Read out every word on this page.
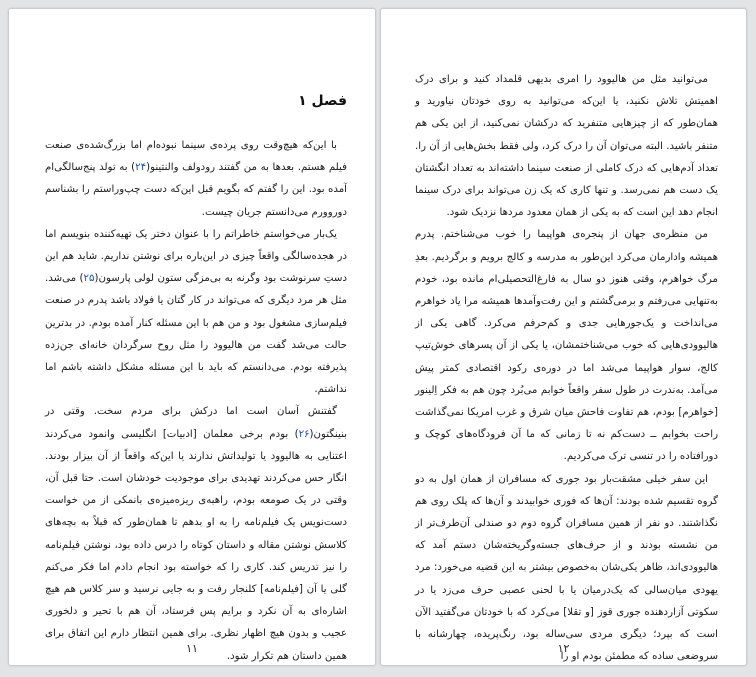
فصل ۱

با این‌که هیچ‌وقت روی پرده‌ی سینما نبوده‌ام اما بزرگ‌شده‌ی صنعت فیلم هستم. بعدها به من گفتند رودولف والنتینو(۲۴) به تولد پنج‌سالگی‌ام آمده بود. این را گفتم که بگویم قبل این‌که دست چپ‌وراستم را بشناسم دوروورم می‌دانستم جریان چیست.

یک‌بار می‌خواستم خاطراتم را با عنوان دختر یک تهیه‌کننده بنویسم اما در هجده‌سالگی واقعاً چیزی در این‌باره برای نوشتن نداریم. شاید هم این دستِ سرنوشت بود وگرنه به بی‌مزگی ستون لولی پارسون(۲۵) می‌شد. مثل هر مرد دیگری که می‌تواند در کار گتان یا فولاد باشد پدرم در صنعت فیلم‌سازی مشغول بود و من هم با این مسئله کنار آمده بودم. در بدترین حالت می‌شد گفت من هالیوود را مثل روح سرگردان خانه‌ای جن‌زده پذیرفته بودم. می‌دانستم که باید با این مسئله مشکل داشته باشم اما نداشتم.

گفتنش آسان است اما درکش برای مردم سخت. وقتی در بنینگتون(۲۶) بودم برخی معلمان [ادبیات] انگلیسی وانمود می‌کردند اعتنایی به هالیوود یا تولیداتش ندارند یا این‌که واقعاً از آن بیزار بودند. انگار حس می‌کردند تهدیدی برای موجودیت خودشان است. حتا قبل آن، وقتی در یک صومعه بودم، راهبه‌ی ریزه‌میزه‌ی بانمکی از من خواست دست‌نویس یک فیلم‌نامه را به او بدهم تا همان‌طور که قبلاً به بچه‌های کلاسش نوشتن مقاله و داستان کوتاه را درس داده بود، نوشتن فیلم‌نامه را نیز تدریس کند. کاری را که خواسته بود انجام دادم اما فکر می‌کنم گلی یا آن [فیلم‌نامه] کلنجار رفت و به جایی نرسید و سر کلاس هم هیچ اشاره‌ای به آن نکرد و برایم پس فرستاد، آن هم با تحیر و دلخوری عجیب و بدون هیچ اظهار نظری. برای همین انتظار دارم این اتفاق برای همین داستان هم تکرار شود.

۱۱

می‌توانید مثل من هالیوود را امری بدیهی قلمداد کنید و برای درک اهمیتش تلاش نکنید، یا این‌که می‌توانید به روی خودتان نیاورید و همان‌طور که از چیزهایی متنفرید که درکشان نمی‌کنید، از این یکی هم متنفر باشید. البته می‌توان آن را درک کرد، ولی فقط بخش‌هایی از آن را. تعداد آدم‌هایی که درک کاملی از صنعت سینما داشته‌اند به تعداد انگشتان یک دست هم نمی‌رسد. و تنها کاری که یک زن می‌تواند برای درک سینما انجام دهد این است که به یکی از همان معدود مردها نزدیک شود.

من منظره‌ی جهان از پنجره‌ی هواپیما را خوب می‌شناختم. پدرم همیشه وادارمان می‌کرد این‌طور به مدرسه و کالج برویم و برگردیم. بعدِ مرگ خواهرم، وقتی هنوز دو سال به فارغ‌التحصیلی‌ام مانده بود، خودم به‌تنهایی می‌رفتم و برمی‌گشتم و این رفت‌وآمدها همیشه مرا یاد خواهرم می‌انداخت و یک‌جورهایی جدی و کم‌حرفم می‌کرد. گاهی یکی از هالیوودی‌هایی که خوب می‌شناختمشان، یا یکی از آن پسرهای خوش‌تیپ کالج، سوار هواپیما می‌شد اما در دوره‌ی رکود اقتصادی کمتر پیش می‌آمد. به‌ندرت در طول سفر واقعاً خوابم می‌بُرد چون هم به فکر اِلینور [خواهرم] بودم، هم تفاوت فاحش میان شرق و غرب امریکا نمی‌گذاشت راحت بخوابم ــ دست‌کم نه تا زمانی که ما آن فرودگاه‌های کوچک و دورافتاده را در تنسی ترک می‌کردیم.

این سفر خیلی مشقت‌بار بود جوری که مسافران از همان اول به دو گروه تقسیم شده بودند: آن‌ها که فوری خوابیدند و آن‌ها که پلک روی هم نگذاشتند. دو نفر از همین مسافران گروه دوم دو صندلی آن‌طرف‌تر از من نشسته بودند و از حرف‌های جسته‌وگریخته‌شان دستم آمد که هالیوودی‌اند، ظاهر یکی‌شان به‌خصوص بیشتر به این قضیه می‌خورد: مرد یهودی میان‌سالی که یک‌درمیان یا با لحنی عصبی حرف می‌زد یا در سکوتی آزاردهنده جوری قوز [و تقلا] می‌کرد که با خودتان می‌گفتید الآن است که بپرد؛ دیگری مردی سی‌ساله بود، رنگ‌پریده، چهارشانه با سروضعی ساده که مطمئن بودم او را

۱۲
